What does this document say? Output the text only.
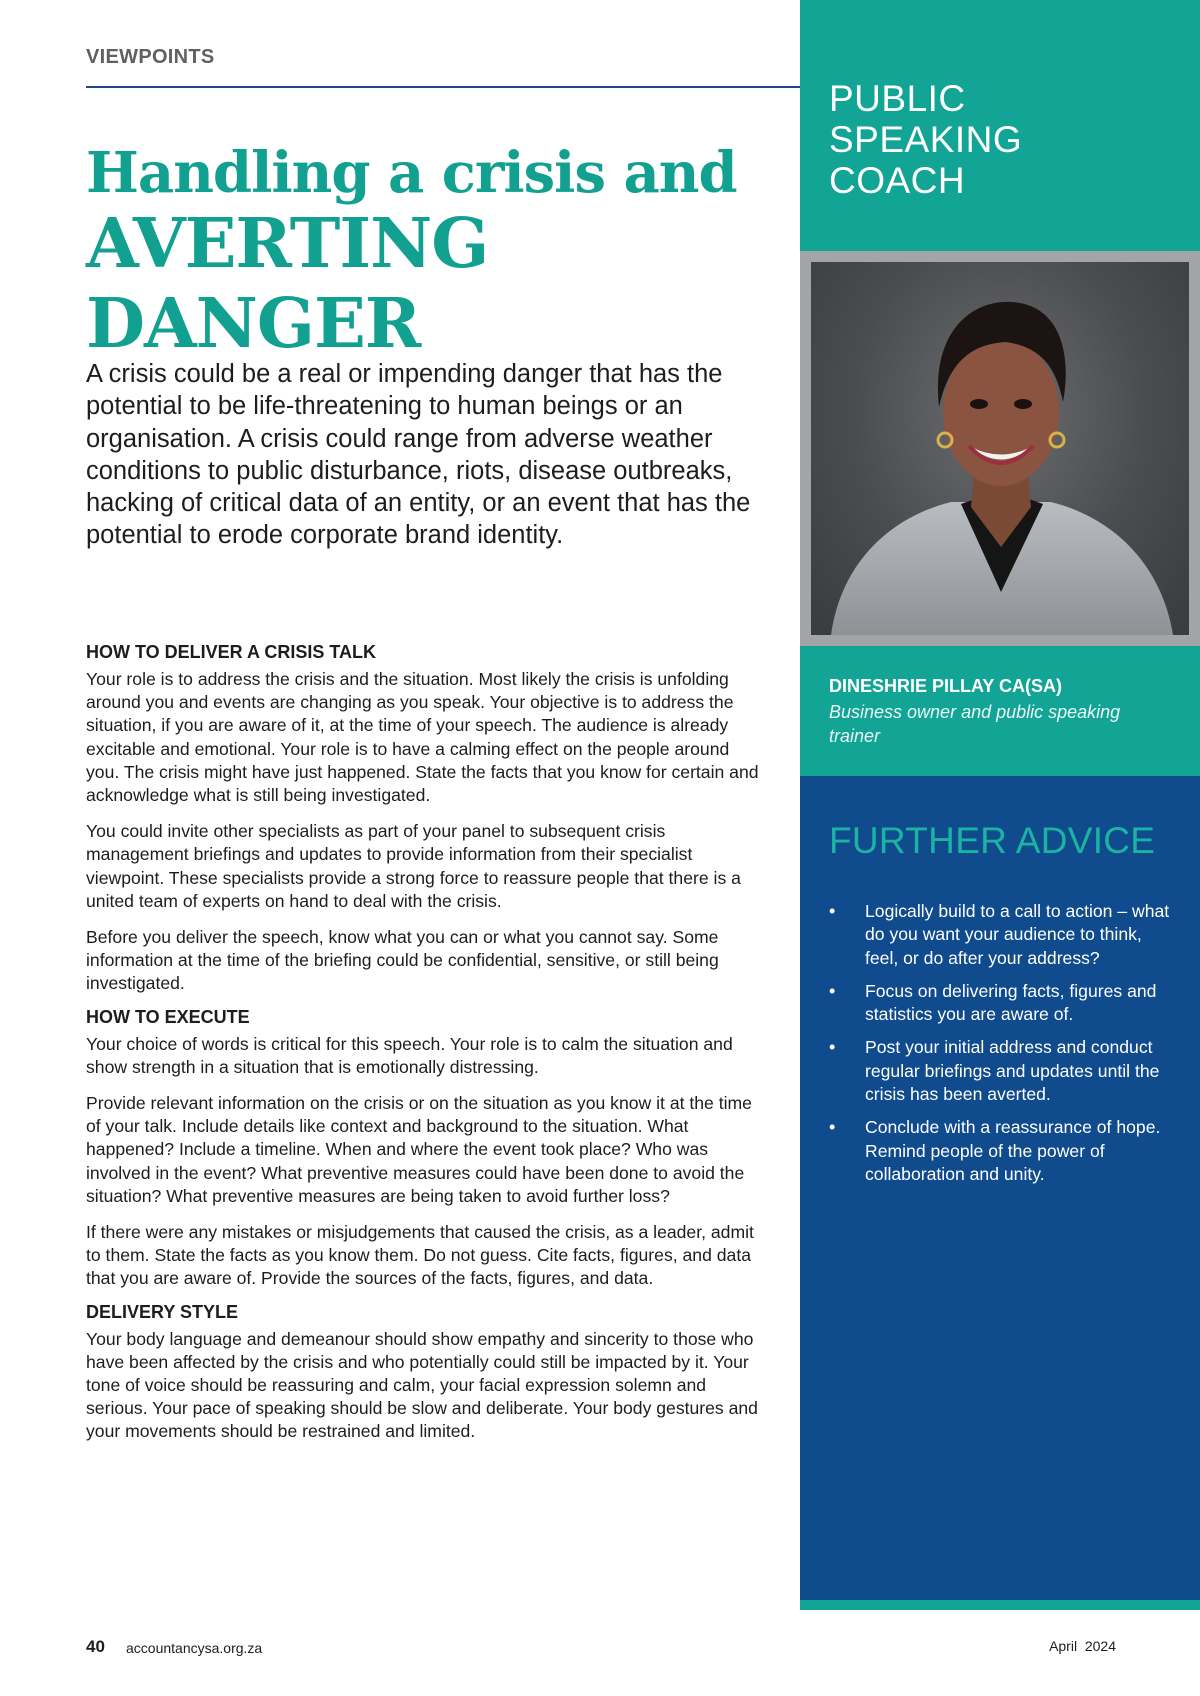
VIEWPOINTS
Handling a crisis and
AVERTING DANGER

A crisis could be a real or impending danger that has the potential to be life-threatening to human beings or an organisation. A crisis could range from adverse weather conditions to public disturbance, riots, disease outbreaks, hacking of critical data of an entity, or an event that has the potential to erode corporate brand identity.

HOW TO DELIVER A CRISIS TALK

Your role is to address the crisis and the situation. Most likely the crisis is unfolding around you and events are changing as you speak. Your objective is to address the situation, if you are aware of it, at the time of your speech. The audience is already excitable and emotional. Your role is to have a calming effect on the people around you. The crisis might have just happened. State the facts that you know for certain and acknowledge what is still being investigated.

You could invite other specialists as part of your panel to subsequent crisis management briefings and updates to provide information from their specialist viewpoint. These specialists provide a strong force to reassure people that there is a united team of experts on hand to deal with the crisis.

Before you deliver the speech, know what you can or what you cannot say. Some information at the time of the briefing could be confidential, sensitive, or still being investigated.

HOW TO EXECUTE

Your choice of words is critical for this speech. Your role is to calm the situation and show strength in a situation that is emotionally distressing.

Provide relevant information on the crisis or on the situation as you know it at the time of your talk. Include details like context and background to the situation. What happened? Include a timeline. When and where the event took place? Who was involved in the event? What preventive measures could have been done to avoid the situation? What preventive measures are being taken to avoid further loss?

If there were any mistakes or misjudgements that caused the crisis, as a leader, admit to them. State the facts as you know them. Do not guess. Cite facts, figures, and data that you are aware of. Provide the sources of the facts, figures, and data.

DELIVERY STYLE

Your body language and demeanour should show empathy and sincerity to those who have been affected by the crisis and who potentially could still be impacted by it. Your tone of voice should be reassuring and calm, your facial expression solemn and serious. Your pace of speaking should be slow and deliberate. Your body gestures and your movements should be restrained and limited.

PUBLIC
SPEAKING
COACH
DINESHRIE PILLAY CA(SA)
Business owner and public speaking trainer
FURTHER ADVICE
• Logically build to a call to action – what do you want your audience to think, feel, or do after your address?
• Focus on delivering facts, figures and statistics you are aware of.
• Post your initial address and conduct regular briefings and updates until the crisis has been averted.
• Conclude with a reassurance of hope. Remind people of the power of collaboration and unity.
40 accountancysa.org.za	April  2024
